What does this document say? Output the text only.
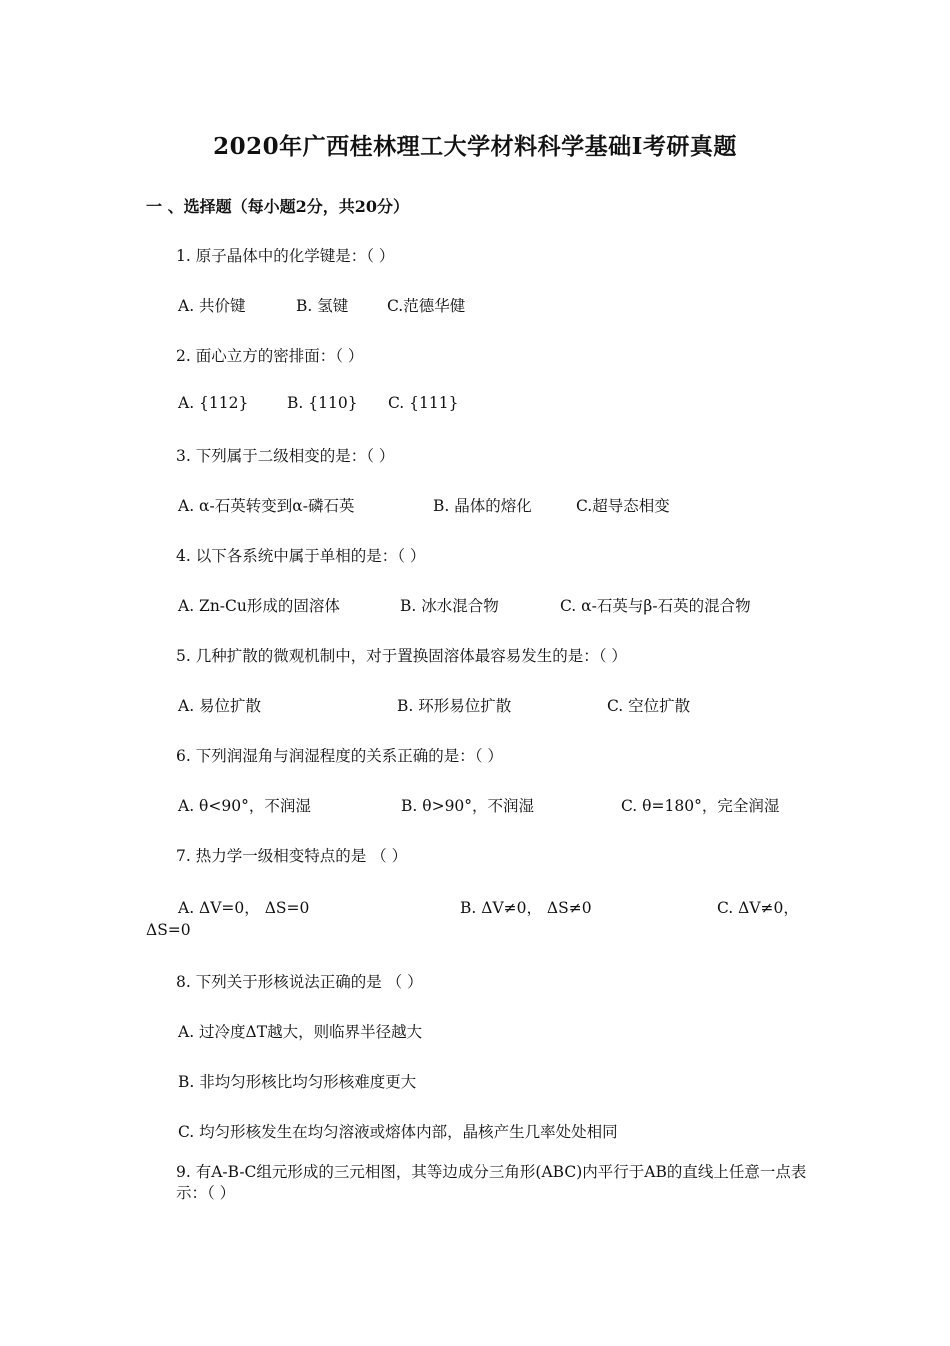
2020年广西桂林理工大学材料科学基础Ⅰ考研真题
一 、选择题（每小题2分，共20分）
1. 原子晶体中的化学键是：（ ）
A. 共价键	B. 氢键	C.范德华健
2. 面心立方的密排面：（ ）
A. {112} B. {110} C. {111}
3. 下列属于二级相变的是：（ ）
A. α-石英转变到α-磷石英	B. 晶体的熔化	C.超导态相变
4. 以下各系统中属于单相的是：（ ）
A. Zn-Cu形成的固溶体	B. 冰水混合物	C. α-石英与β-石英的混合物
5. 几种扩散的微观机制中，对于置换固溶体最容易发生的是：（ ）
A. 易位扩散	B. 环形易位扩散	C. 空位扩散
6. 下列润湿角与润湿程度的关系正确的是：（ ）
A. θ<90°，不润湿	B. θ>90°，不润湿	C. θ=180°，完全润湿
7. 热力学一级相变特点的是 （ ）
A. ΔV=0， ΔS=0	B. ΔV≠0， ΔS≠0	C. ΔV≠0，
ΔS=0
8. 下列关于形核说法正确的是 （ ）
A. 过冷度ΔT越大，则临界半径越大
B. 非均匀形核比均匀形核难度更大
C. 均匀形核发生在均匀溶液或熔体内部，晶核产生几率处处相同
9. 有A-B-C组元形成的三元相图，其等边成分三角形(ABC)内平行于AB的直线上任意一点表示：（ ）
